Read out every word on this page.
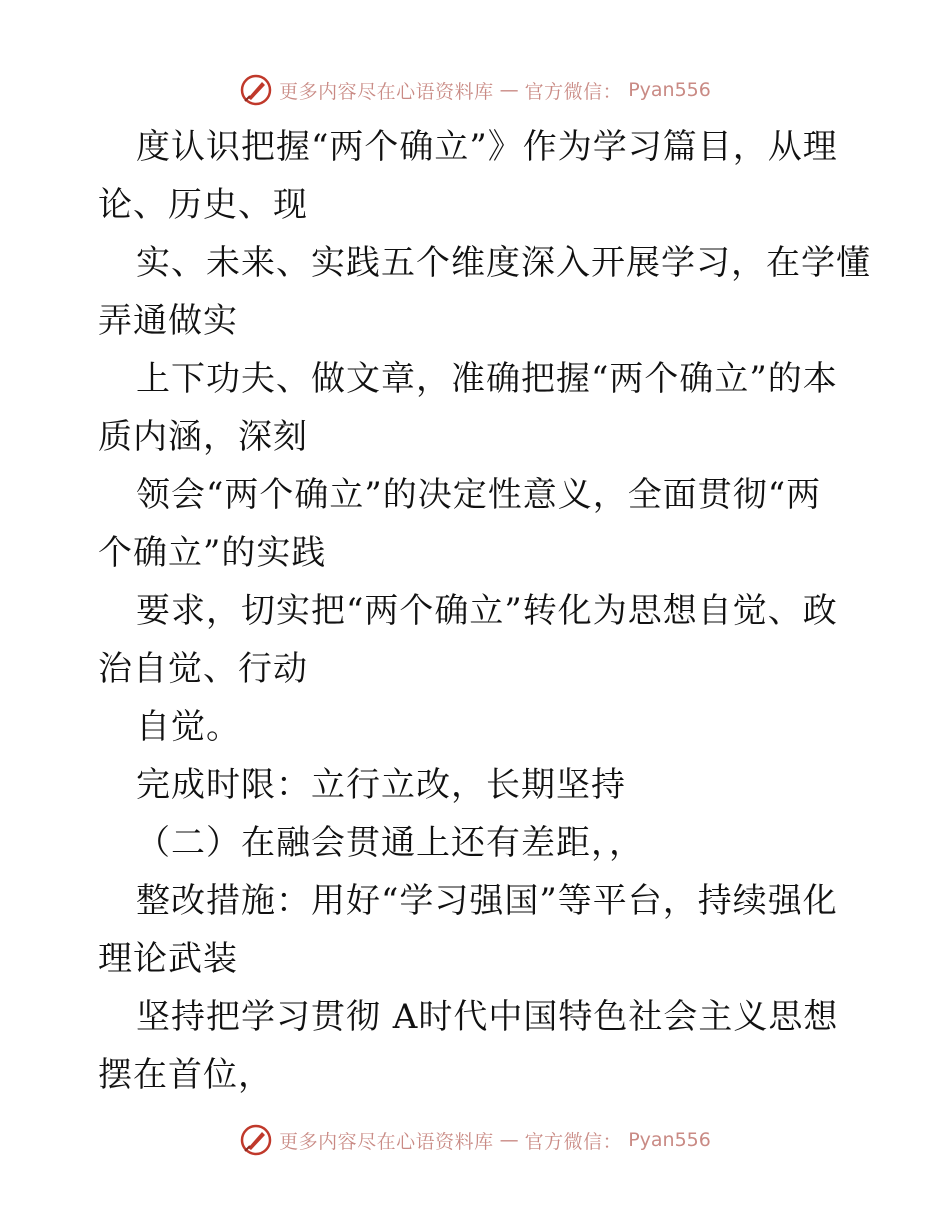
更多内容尽在心语资料库 — 官方微信： Pyan556
度认识把握“两个确立”》作为学习篇目，从理
论、历史、现
实、未来、实践五个维度深入开展学习，在学懂
弄通做实
上下功夫、做文章，准确把握“两个确立”的本
质内涵，深刻
领会“两个确立”的决定性意义，全面贯彻“两
个确立”的实践
要求，切实把“两个确立”转化为思想自觉、政
治自觉、行动
自觉。
完成时限：立行立改，长期坚持
（二）在融会贯通上还有差距，，
整改措施：用好“学习强国”等平台，持续强化
理论武装
坚持把学习贯彻 A时代中国特色社会主义思想
摆在首位，
更多内容尽在心语资料库 — 官方微信： Pyan556
